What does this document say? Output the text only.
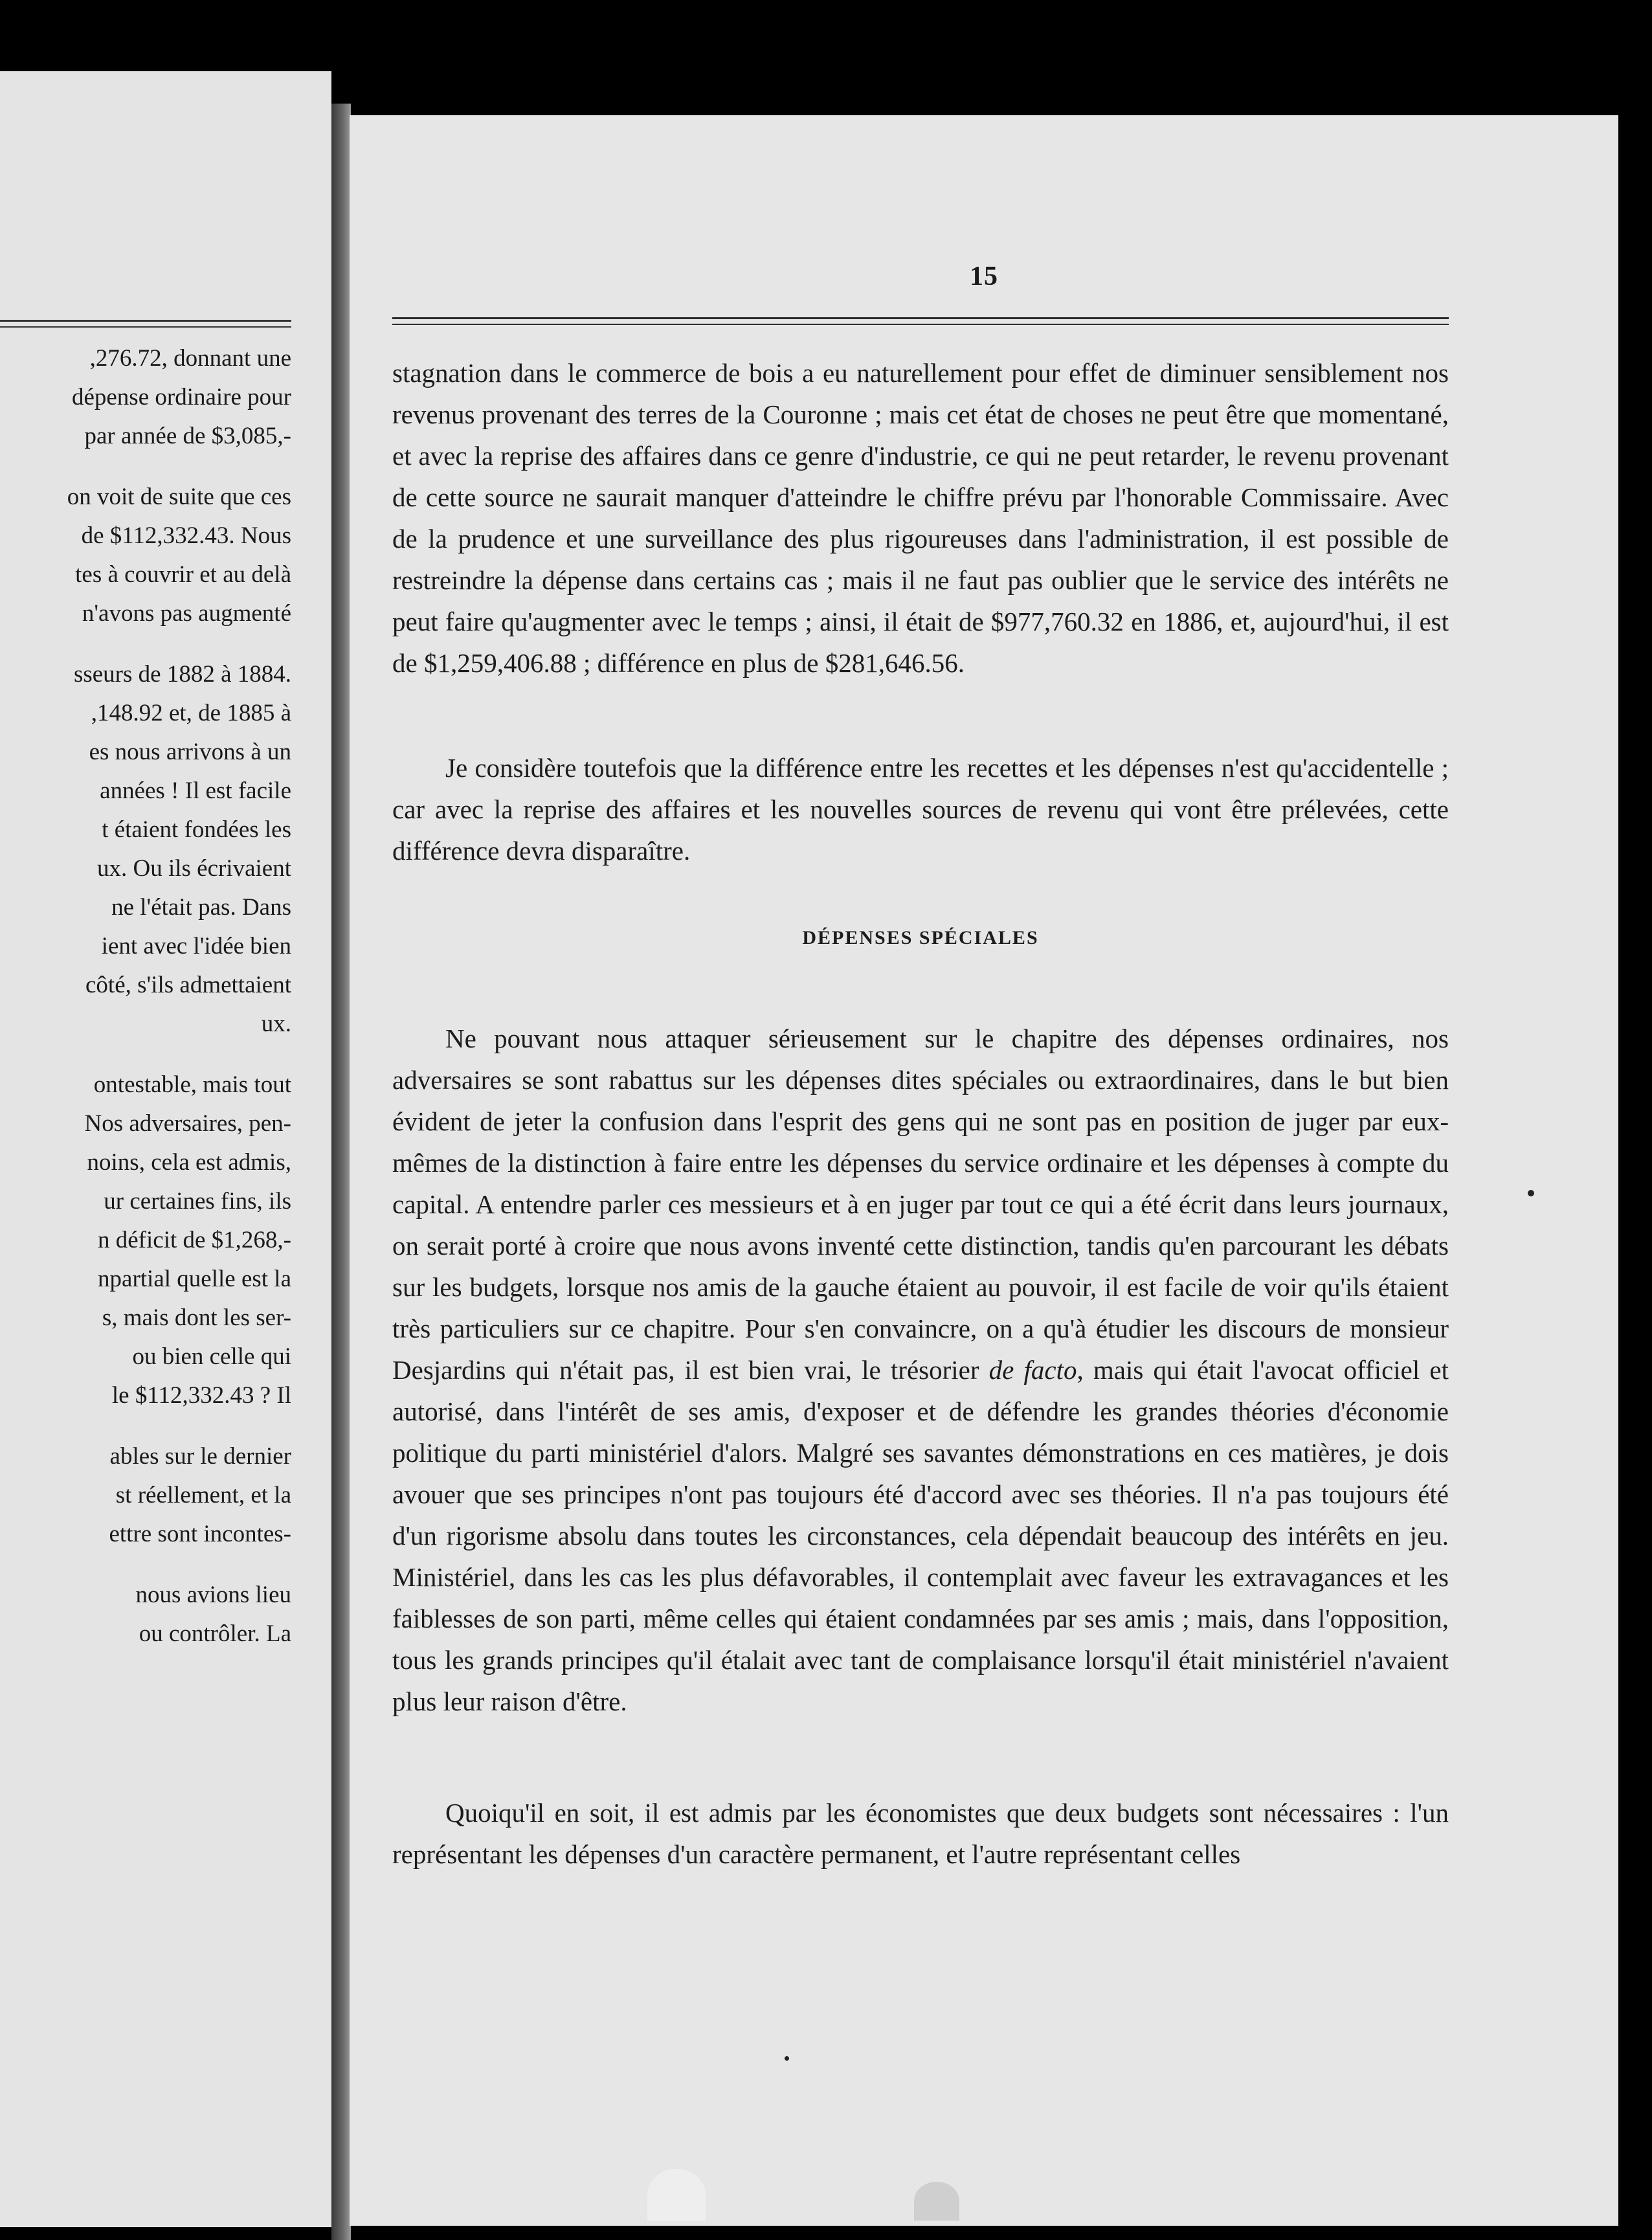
,276.72, donnant une
dépense ordinaire pour
par année de $3,085,-
on voit de suite que ces
de $112,332.43. Nous
tes à couvrir et au delà
n'avons pas augmenté
sseurs de 1882 à 1884.
,148.92 et, de 1885 à
es nous arrivons à un
années ! Il est facile
t étaient fondées les
ux. Ou ils écrivaient
ne l'était pas. Dans
ient avec l'idée bien
côté, s'ils admettaient
ux.
ontestable, mais tout
Nos adversaires, pen-
noins, cela est admis,
ur certaines fins, ils
n déficit de $1,268,-
npartial quelle est la
s, mais dont les ser-
ou bien celle qui
le $112,332.43 ? Il
ables sur le dernier
st réellement, et la
ettre sont incontes-
nous avions lieu
ou contrôler. La
15

stagnation dans le commerce de bois a eu naturellement pour effet de diminuer sensiblement nos revenus provenant des terres de la Couronne ; mais cet état de choses ne peut être que momentané, et avec la reprise des affaires dans ce genre d'industrie, ce qui ne peut retarder, le revenu provenant de cette source ne saurait manquer d'atteindre le chiffre prévu par l'honorable Commissaire. Avec de la prudence et une surveillance des plus rigoureuses dans l'administration, il est possible de restreindre la dépense dans certains cas ; mais il ne faut pas oublier que le service des intérêts ne peut faire qu'augmenter avec le temps ; ainsi, il était de $977,760.32 en 1886, et, aujourd'hui, il est de $1,259,406.88 ; différence en plus de $281,646.56.

Je considère toutefois que la différence entre les recettes et les dépenses n'est qu'accidentelle ; car avec la reprise des affaires et les nouvelles sources de revenu qui vont être prélevées, cette différence devra disparaître.

DÉPENSES SPÉCIALES

Ne pouvant nous attaquer sérieusement sur le chapitre des dépenses ordinaires, nos adversaires se sont rabattus sur les dépenses dites spéciales ou extraordinaires, dans le but bien évident de jeter la confusion dans l'esprit des gens qui ne sont pas en position de juger par eux-mêmes de la distinction à faire entre les dépenses du service ordinaire et les dépenses à compte du capital. A entendre parler ces messieurs et à en juger par tout ce qui a été écrit dans leurs journaux, on serait porté à croire que nous avons inventé cette distinction, tandis qu'en parcourant les débats sur les budgets, lorsque nos amis de la gauche étaient au pouvoir, il est facile de voir qu'ils étaient très particuliers sur ce chapitre. Pour s'en convaincre, on a qu'à étudier les discours de monsieur Desjardins qui n'était pas, il est bien vrai, le trésorier de facto, mais qui était l'avocat officiel et autorisé, dans l'intérêt de ses amis, d'exposer et de défendre les grandes théories d'économie politique du parti ministériel d'alors. Malgré ses savantes démonstrations en ces matières, je dois avouer que ses principes n'ont pas toujours été d'accord avec ses théories. Il n'a pas toujours été d'un rigorisme absolu dans toutes les circonstances, cela dépendait beaucoup des intérêts en jeu. Ministériel, dans les cas les plus défavorables, il contemplait avec faveur les extravagances et les faiblesses de son parti, même celles qui étaient condamnées par ses amis ; mais, dans l'opposition, tous les grands principes qu'il étalait avec tant de complaisance lorsqu'il était ministériel n'avaient plus leur raison d'être.

Quoiqu'il en soit, il est admis par les économistes que deux budgets sont nécessaires : l'un représentant les dépenses d'un caractère permanent, et l'autre représentant celles
